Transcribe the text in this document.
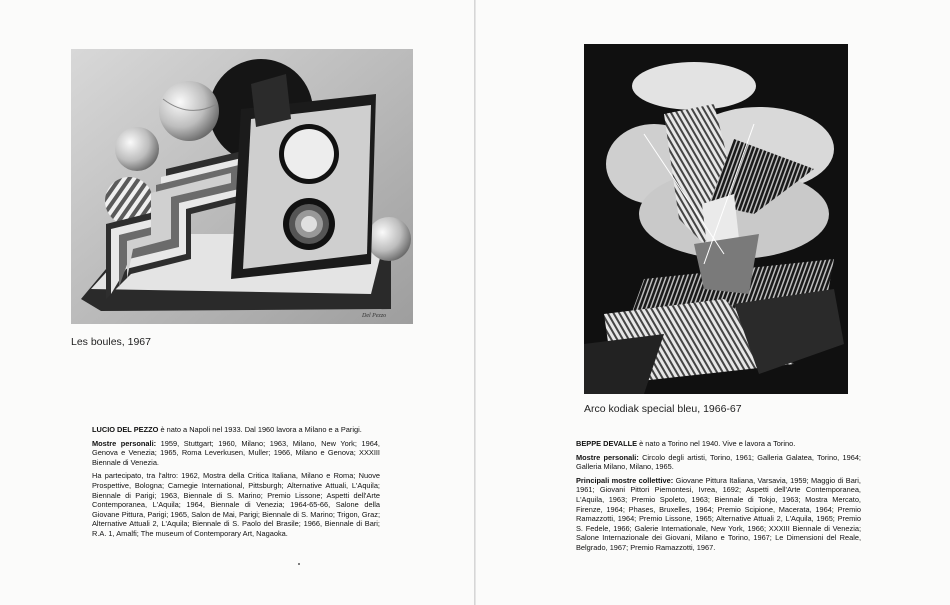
Del Pezzo
Les boules, 1967

LUCIO DEL PEZZO è nato a Napoli nel 1933. Dal 1960 lavora a Milano e a Parigi.

Mostre personali: 1959, Stuttgart; 1960, Milano; 1963, Milano, New York; 1964, Genova e Venezia; 1965, Roma Leverkusen, Muller; 1966, Milano e Genova; XXXIII Biennale di Venezia.

Ha partecipato, tra l'altro: 1962, Mostra della Critica Italiana, Milano e Roma; Nuove Prospettive, Bologna; Carnegie International, Pittsburgh; Alternative Attuali, L'Aquila; Biennale di Parigi; 1963, Biennale di S. Marino; Premio Lissone; Aspetti dell'Arte Contemporanea, L'Aquila; 1964, Biennale di Venezia; 1964-65-66, Salone della Giovane Pittura, Parigi; 1965, Salon de Mai, Parigi; Biennale di S. Marino; Trigon, Graz; Alternative Attuali 2, L'Aquila; Biennale di S. Paolo del Brasile; 1966, Biennale di Bari; R.A. 1, Amalfi; The museum of Contemporary Art, Nagaoka.

Arco kodiak special bleu, 1966-67

BEPPE DEVALLE è nato a Torino nel 1940. Vive e lavora a Torino.

Mostre personali: Circolo degli artisti, Torino, 1961; Galleria Galatea, Torino, 1964; Galleria Milano, Milano, 1965.

Principali mostre collettive: Giovane Pittura Italiana, Varsavia, 1959; Maggio di Bari, 1961; Giovani Pittori Piemontesi, Ivrea, 1692; Aspetti dell'Arte Contemporanea, L'Aquila, 1963; Premio Spoleto, 1963; Biennale di Tokjo, 1963; Mostra Mercato, Firenze, 1964; Phases, Bruxelles, 1964; Premio Scipione, Macerata, 1964; Premio Ramazzotti, 1964; Premio Lissone, 1965; Alternative Attuali 2, L'Aquila, 1965; Premio S. Fedele, 1966; Galerie Internationale, New York, 1966; XXXIII Biennale di Venezia; Salone Internazionale dei Giovani, Milano e Torino, 1967; Le Dimensioni del Reale, Belgrado, 1967; Premio Ramazzotti, 1967.
